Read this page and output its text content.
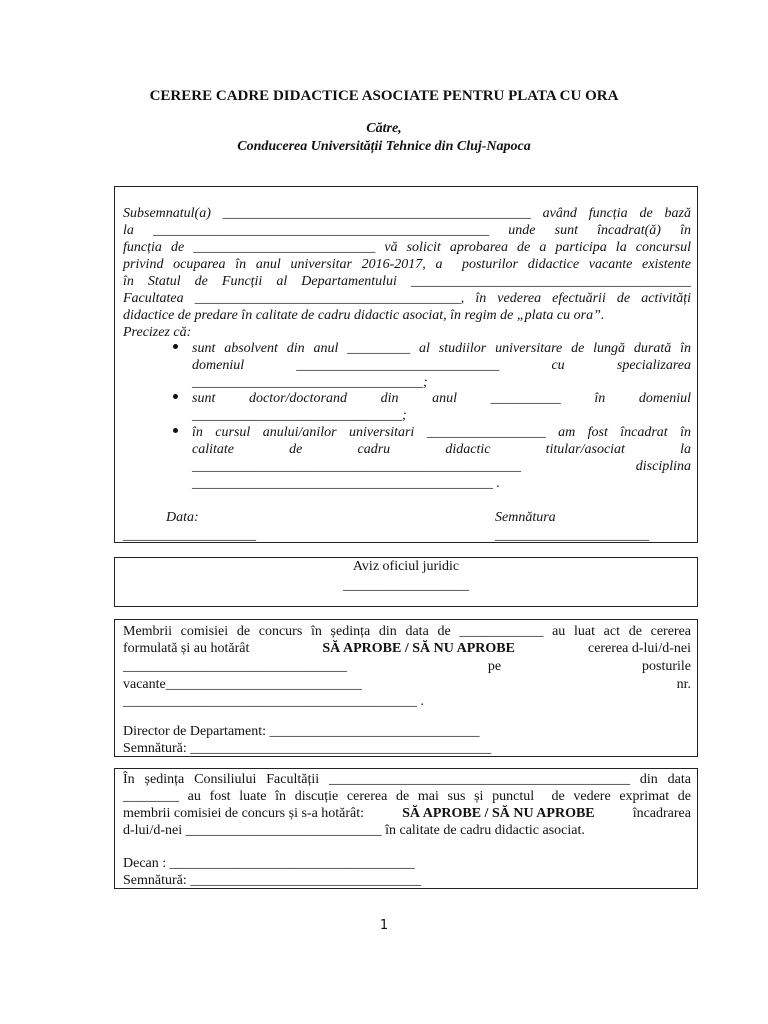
CERERE CADRE DIDACTICE ASOCIATE PENTRU PLATA CU ORA
Către,
Conducerea Universității Tehnice din Cluj-Napoca
Subsemnatul(a) ____________________________________________ având funcția de bază
la ________________________________________________ unde sunt încadrat(ă) în
funcția de __________________________ vă solicit aprobarea de a participa la concursul
privind ocuparea în anul universitar 2016-2017, a  posturilor didactice vacante existente
în Statul de Funcții al Departamentului ________________________________________
Facultatea ______________________________________, în vederea efectuării de activități
didactice de predare în calitate de cadru didactic asociat, în regim de „plata cu ora”.
Precizez că:
sunt absolvent din anul _________ al studiilor universitare de lungă durată în
domeniul _____________________________ cu specializarea
_________________________________;
sunt doctor/doctorand din anul __________ în domeniul
______________________________;
în cursul anului/anilor universitari _________________ am fost încadrat în
calitate de cadru didactic titular/asociat la
_______________________________________________ disciplina
___________________________________________ .
Data:
___________________
Semnătura
______________________
Aviz oficiul juridic
__________________
Membrii comisiei de concurs în ședința din data de ____________ au luat act de cererea
formulată și au hotărât	SĂ APROBE / SĂ NU APROBE	cererea d-lui/d-nei
________________________________ pe posturile
vacante____________________________ nr.
__________________________________________ .
Director de Departament: ______________________________
Semnătură: ___________________________________________
În ședința Consiliului Facultății ___________________________________________ din data
________ au fost luate în discuție cererea de mai sus și punctul  de vedere exprimat de
membrii comisiei de concurs și s-a hotărât: SĂ APROBE / SĂ NU APROBE încadrarea
d-lui/d-nei ____________________________ în calitate de cadru didactic asociat.
Decan : ___________________________________
Semnătură: _________________________________
1
